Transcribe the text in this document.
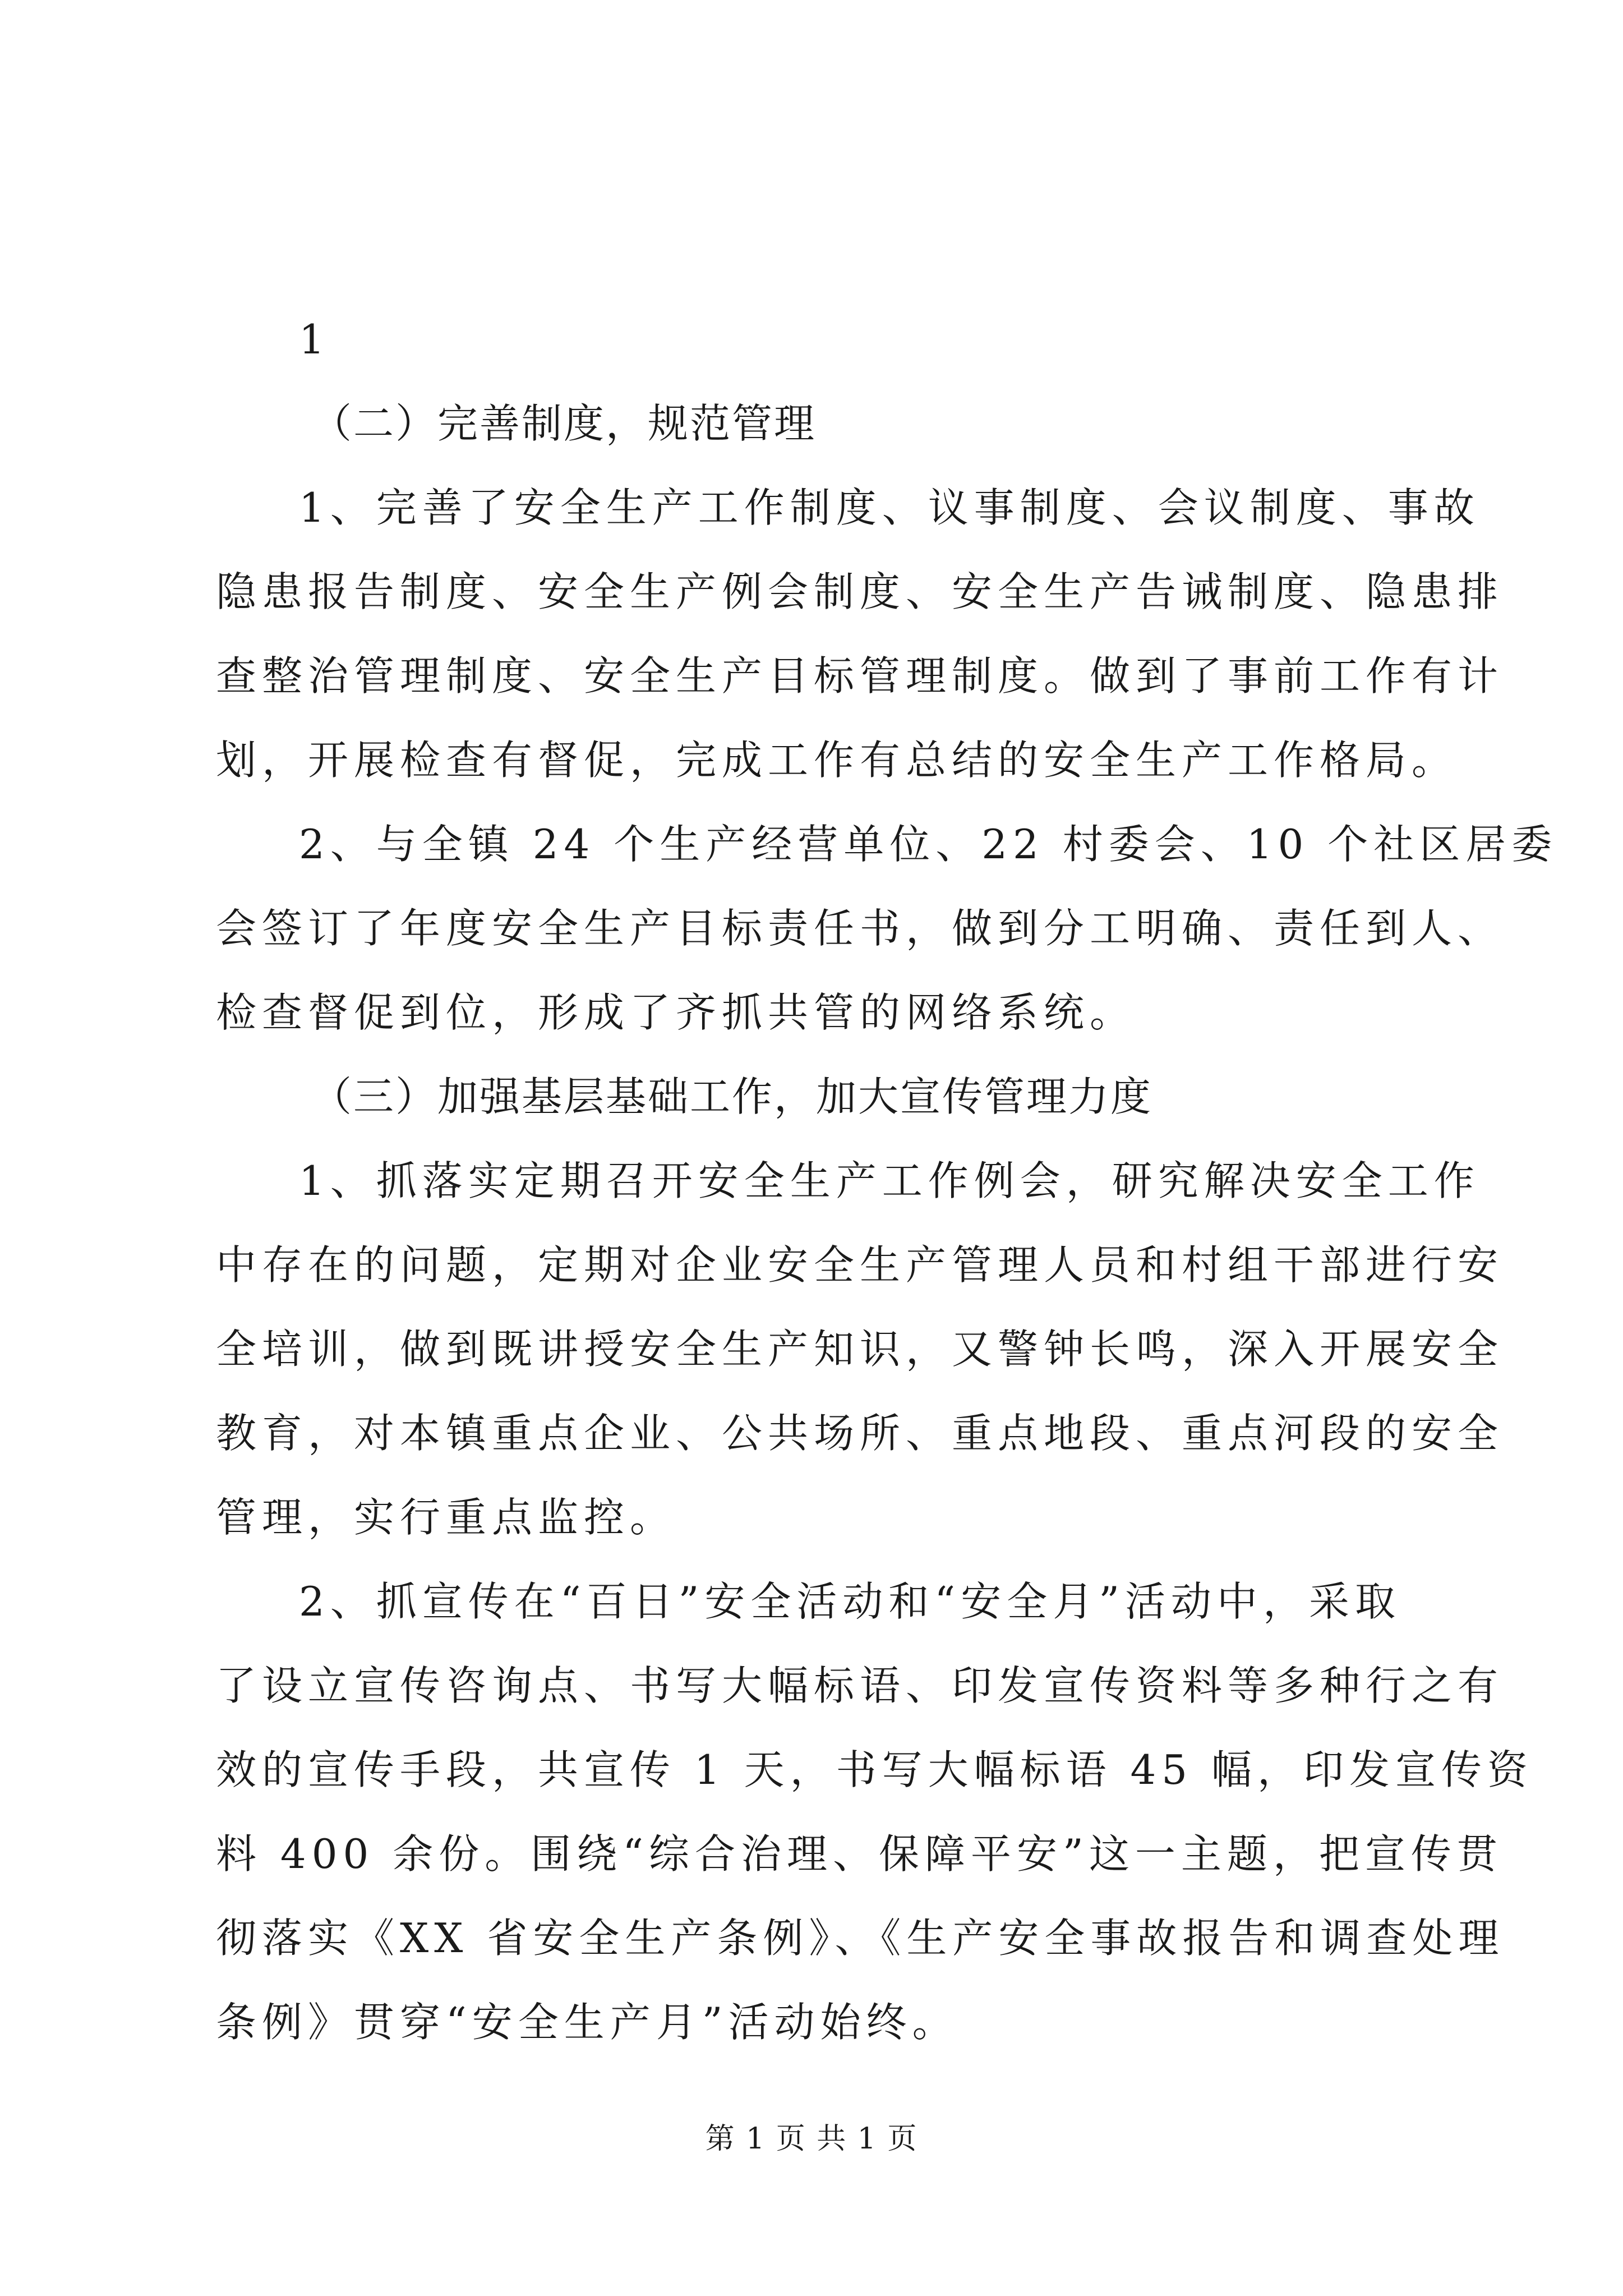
1
（二）完善制度，规范管理
1、完善了安全生产工作制度、议事制度、会议制度、事故
隐患报告制度、安全生产例会制度、安全生产告诫制度、隐患排
查整治管理制度、安全生产目标管理制度。做到了事前工作有计
划，开展检查有督促，完成工作有总结的安全生产工作格局。
2、与全镇 24 个生产经营单位、22 村委会、10 个社区居委
会签订了年度安全生产目标责任书，做到分工明确、责任到人、
检查督促到位，形成了齐抓共管的网络系统。
（三）加强基层基础工作，加大宣传管理力度
1、抓落实定期召开安全生产工作例会，研究解决安全工作
中存在的问题，定期对企业安全生产管理人员和村组干部进行安
全培训，做到既讲授安全生产知识，又警钟长鸣，深入开展安全
教育，对本镇重点企业、公共场所、重点地段、重点河段的安全
管理，实行重点监控。
2、抓宣传在“百日”安全活动和“安全月”活动中，采取
了设立宣传咨询点、书写大幅标语、印发宣传资料等多种行之有
效的宣传手段，共宣传 1 天，书写大幅标语 45 幅，印发宣传资
料 400 余份。围绕“综合治理、保障平安”这一主题，把宣传贯
彻落实《XX 省安全生产条例》、《生产安全事故报告和调查处理
条例》贯穿“安全生产月”活动始终。
第 1 页 共 1 页
